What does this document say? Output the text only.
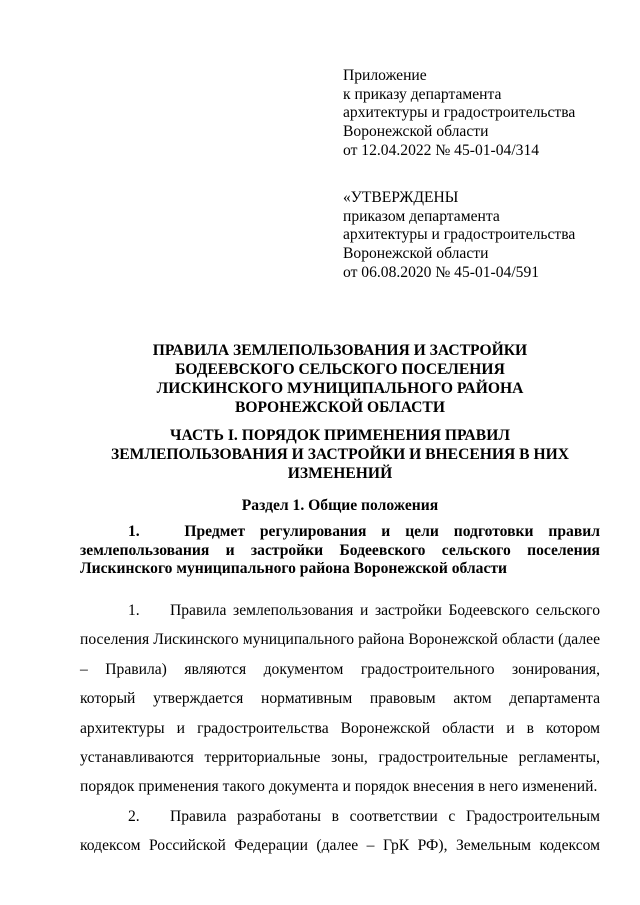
Приложение
к приказу департамента
архитектуры и градостроительства
Воронежской области
от 12.04.2022 № 45-01-04/314
«УТВЕРЖДЕНЫ
приказом департамента
архитектуры и градостроительства
Воронежской области
от 06.08.2020 № 45-01-04/591
ПРАВИЛА ЗЕМЛЕПОЛЬЗОВАНИЯ И ЗАСТРОЙКИ
БОДЕЕВСКОГО СЕЛЬСКОГО ПОСЕЛЕНИЯ
ЛИСКИНСКОГО МУНИЦИПАЛЬНОГО РАЙОНА
ВОРОНЕЖСКОЙ ОБЛАСТИ
ЧАСТЬ I. ПОРЯДОК ПРИМЕНЕНИЯ ПРАВИЛ
ЗЕМЛЕПОЛЬЗОВАНИЯ И ЗАСТРОЙКИ И ВНЕСЕНИЯ В НИХ
ИЗМЕНЕНИЙ
Раздел 1. Общие положения
1.   Предмет регулирования и цели подготовки правил
землепользования и застройки Бодеевского сельского поселения
Лискинского муниципального района Воронежской области
1. Правила землепользования и застройки Бодеевского сельского
поселения Лискинского муниципального района Воронежской области (далее
– Правила) являются документом градостроительного зонирования,
который утверждается нормативным правовым актом департамента
архитектуры и градостроительства Воронежской области и в котором
устанавливаются территориальные зоны, градостроительные регламенты,
порядок применения такого документа и порядок внесения в него изменений.
2. Правила разработаны в соответствии с Градостроительным
кодексом Российской Федерации (далее – ГрК РФ), Земельным кодексом
